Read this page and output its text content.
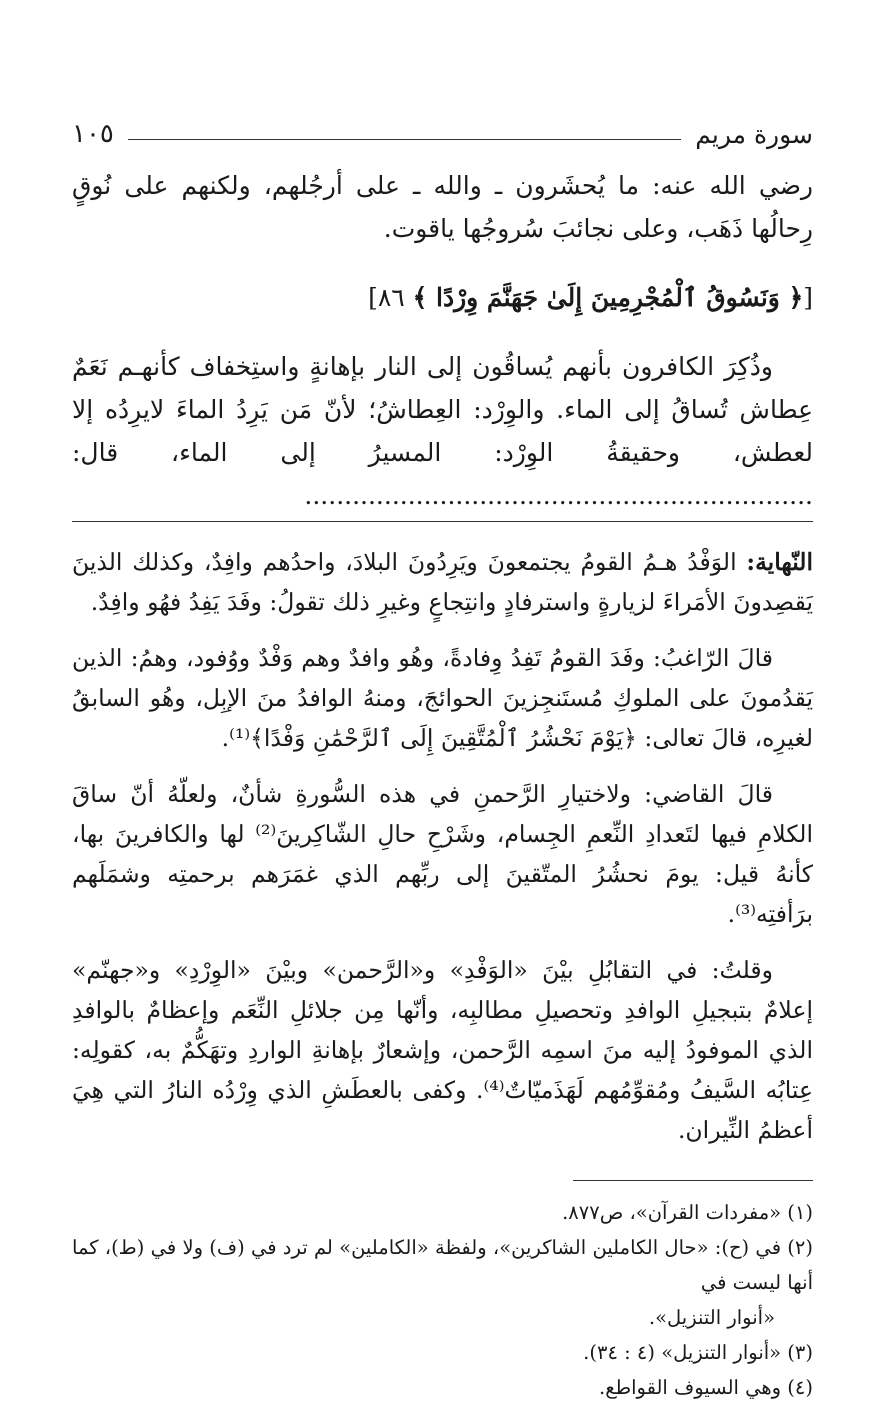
سورة مريم
١٠٥

رضي الله عنه: ما يُحشَرون ـ والله ـ على أرجُلهم، ولكنهم على نُوقٍ رِحالُها ذَهَب، وعلى نجائبَ سُروجُها ياقوت.

[﴿ وَنَسُوقُ ٱلْمُجْرِمِينَ إِلَىٰ جَهَنَّمَ وِرْدًا ﴾ ٨٦]

وذُكِرَ الكافرون بأنهم يُساقُون إلى النار بإهانةٍ واستِخفاف كأنهـم نَعَمٌ عِطاش تُساقُ إلى الماء. والوِرْد: العِطاشُ؛ لأنّ مَن يَرِدُ الماءَ لايرِدُه إلا لعطش، وحقيقةُ الوِرْد: المسيرُ إلى الماء، قال: ................................................................

النّهاية: الوَفْدُ هـمُ القومُ يجتمعونَ ويَرِدُونَ البلادَ، واحدُهم وافِدٌ، وكذلك الذينَ يَقصِدونَ الأمَراءَ لزيارةٍ واسترفادٍ وانتِجاعٍ وغيرِ ذلك تقولُ: وفَدَ يَفِدُ فهُو وافِدٌ.

قالَ الرّاغبُ: وفَدَ القومُ تَفِدُ وِفادةً، وهُو وافدٌ وهم وَفْدٌ ووُفود، وهمُ: الذين يَقدُمونَ على الملوكِ مُستَنجِزينَ الحوائجَ، ومنهُ الوافدُ منَ الإبِل، وهُو السابقُ لغيرِه، قالَ تعالى: ﴿يَوْمَ نَحْشُرُ ٱلْمُتَّقِينَ إِلَى ٱلرَّحْمَٰنِ وَفْدًا﴾⁽¹⁾.

قالَ القاضي: ولاختيارِ الرَّحمنِ في هذه السُّورةِ شأنٌ، ولعلّهُ أنّ ساقَ الكلامِ فيها لتَعدادِ النِّعمِ الجِسام، وشَرْحِ حالِ الشّاكِرينَ⁽²⁾ لها والكافرينَ بها، كأنهُ قيل: يومَ نحشُرُ المتّقينَ إلى ربِّهم الذي غمَرَهم برحمتِه وشمَلَهم برَأفتِه⁽³⁾.

وقلتُ: في التقابُلِ بيْنَ «الوَفْدِ» و«الرَّحمن» وبيْنَ «الوِرْدِ» و«جهنّم» إعلامٌ بتبجيلِ الوافدِ وتحصيلِ مطالبِه، وأنّها مِن جلائلِ النِّعَم وإعظامٌ بالوافدِ الذي الموفودُ إليه منَ اسمِه الرَّحمن، وإشعارٌ بإهانةِ الواردِ وتهَكُّمٌ به، كقولِه: عِتابُه السَّيفُ ومُقوِّمُهم لَهَذَميّاتٌ⁽⁴⁾. وكفى بالعطَشِ الذي وِرْدُه النارُ التي هِيَ أعظمُ النِّيران.

(١) «مفردات القرآن»، ص٨٧٧.

(٢) في (ح): «حال الكاملين الشاكرين»، ولفظة «الكاملين» لم ترد في (ف) ولا في (ط)، كما أنها ليست في

«أنوار التنزيل».

(٣) «أنوار التنزيل» (٤ : ٣٤).

(٤) وهي السيوف القواطع.
